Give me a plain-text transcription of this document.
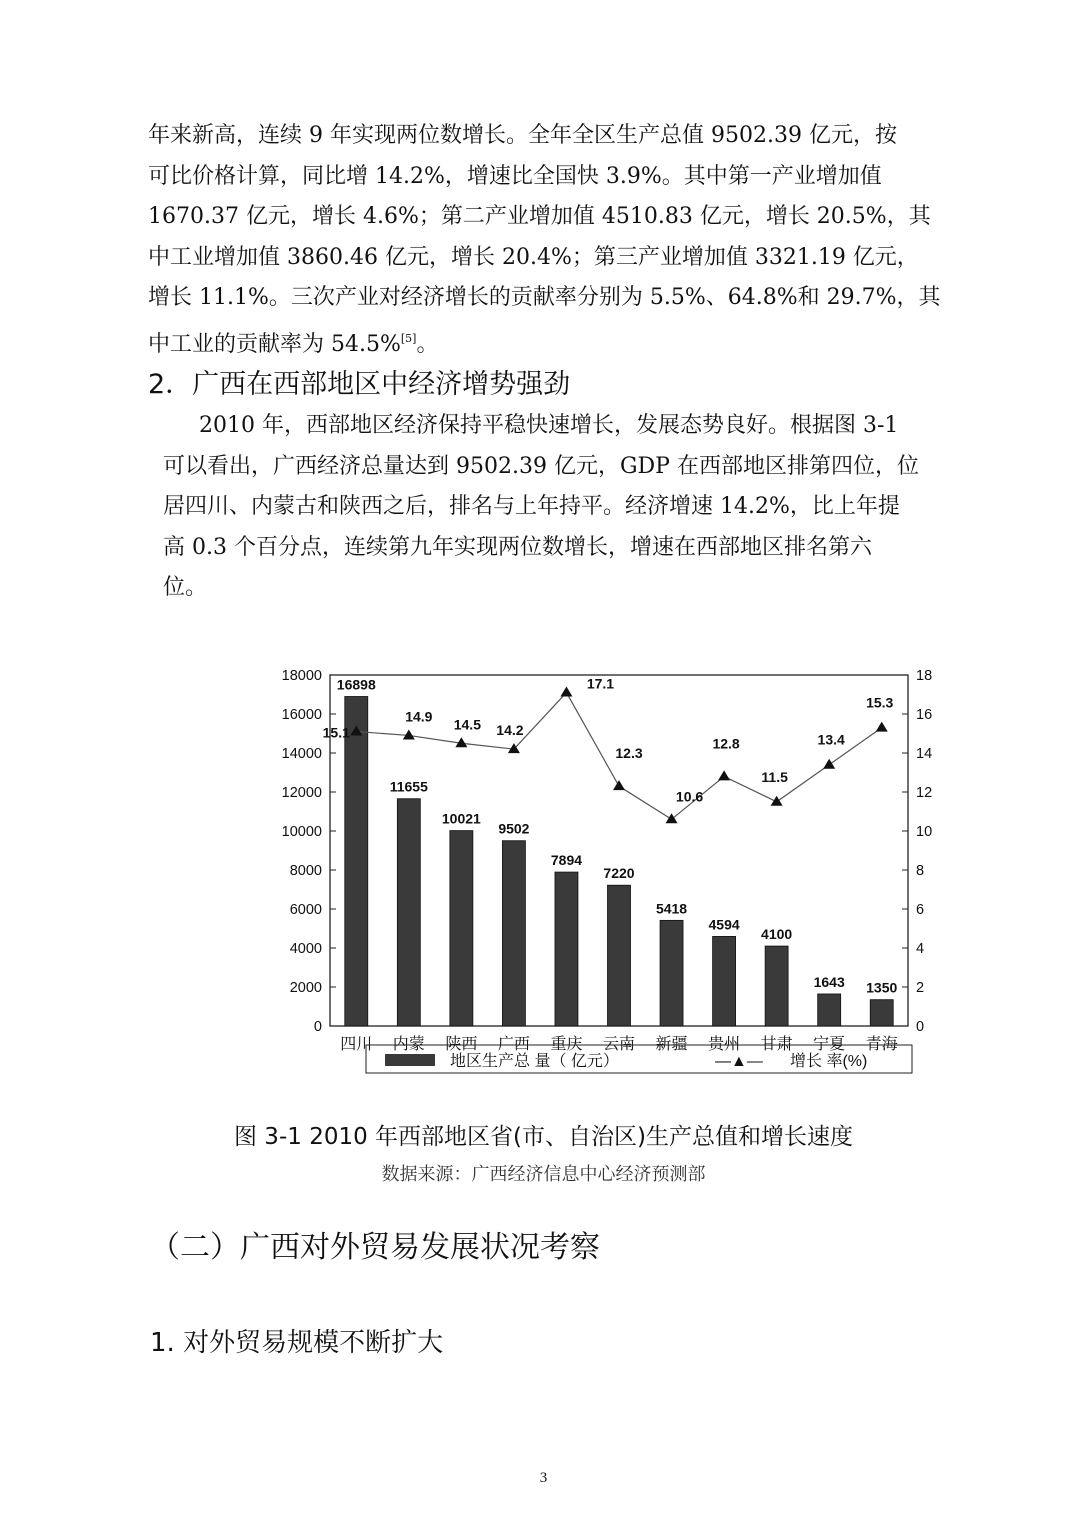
年来新高，连续 9 年实现两位数增长。全年全区生产总值 9502.39 亿元，按
可比价格计算，同比增 14.2%，增速比全国快 3.9%。其中第一产业增加值
1670.37 亿元，增长 4.6%；第二产业增加值 4510.83 亿元，增长 20.5%，其
中工业增加值 3860.46 亿元，增长 20.4%；第三产业增加值 3321.19 亿元，
增长 11.1%。三次产业对经济增长的贡献率分别为 5.5%、64.8%和 29.7%，其
中工业的贡献率为 54.5%[5]。
2．广西在西部地区中经济增势强劲
2010 年，西部地区经济保持平稳快速增长，发展态势良好。根据图 3-1
可以看出，广西经济总量达到 9502.39 亿元，GDP 在西部地区排第四位，位
居四川、内蒙古和陕西之后，排名与上年持平。经济增速 14.2%，比上年提
高 0.3 个百分点，连续第九年实现两位数增长，增速在西部地区排名第六
位。
0
2000
4000
6000
8000
10000
12000
14000
16000
18000
0
2
4
6
8
10
12
14
16
18
16898
11655
10021
9502
7894
7220
5418
4594
4100
1643 1350
15.1
14.9 14.5 14.2
17.1
12.3
10.6
12.8
11.5
13.4
15.3
四川 内蒙 陕西 广西 重庆 云南 新疆 贵州 甘肃 宁夏 青海
地区生产总 量（ 亿元）	—▲— 增长 率(%)
图 3-1 2010 年西部地区省(市、自治区)生产总值和增长速度
数据来源：广西经济信息中心经济预测部
（二）广西对外贸易发展状况考察
1. 对外贸易规模不断扩大
3
